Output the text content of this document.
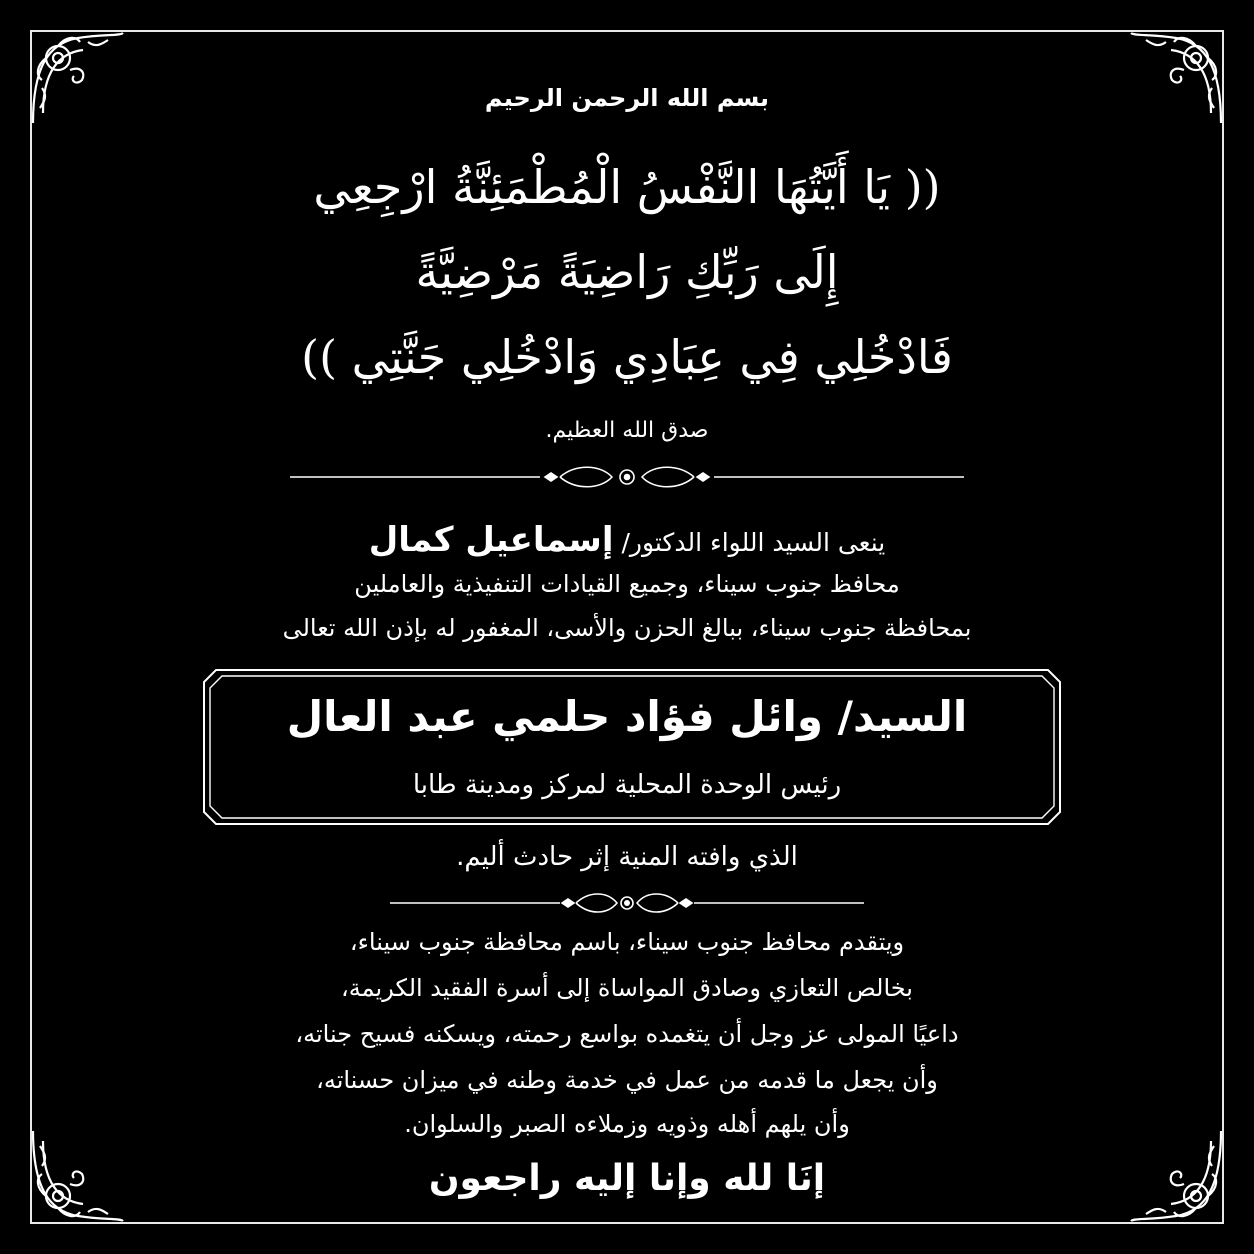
بسم الله الرحمن الرحيم
(( يَا أَيَّتُهَا النَّفْسُ الْمُطْمَئِنَّةُ ارْجِعِي
إِلَى رَبِّكِ رَاضِيَةً مَرْضِيَّةً
فَادْخُلِي فِي عِبَادِي وَادْخُلِي جَنَّتِي ))
صدق الله العظيم.
ينعى السيد اللواء الدكتور/ إسماعيل كمال
محافظ جنوب سيناء، وجميع القيادات التنفيذية والعاملين
بمحافظة جنوب سيناء، ببالغ الحزن والأسى، المغفور له بإذن الله تعالى
السيد/ وائل فؤاد حلمي عبد العال
رئيس الوحدة المحلية لمركز ومدينة طابا
الذي وافته المنية إثر حادث أليم.
ويتقدم محافظ جنوب سيناء، باسم محافظة جنوب سيناء،
بخالص التعازي وصادق المواساة إلى أسرة الفقيد الكريمة،
داعيًا المولى عز وجل أن يتغمده بواسع رحمته، ويسكنه فسيح جناته،
وأن يجعل ما قدمه من عمل في خدمة وطنه في ميزان حسناته،
وأن يلهم أهله وذويه وزملاءه الصبر والسلوان.
إنَا لله وإنا إليه راجعون
